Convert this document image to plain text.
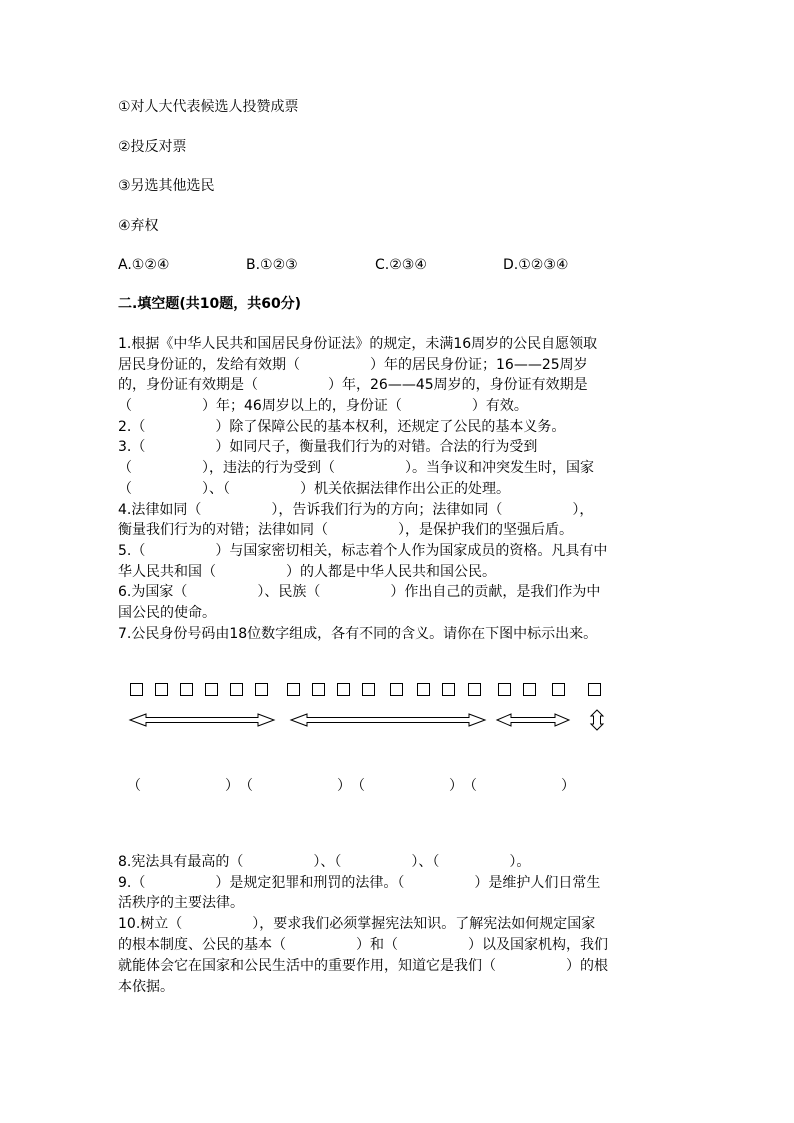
①对人大代表候选人投赞成票
②投反对票
③另选其他选民
④弃权
A.①②④	B.①②③	C.②③④	D.①②③④
二.填空题(共10题，共60分)
1.根据《中华人民共和国居民身份证法》的规定，未满16周岁的公民自愿领取
居民身份证的，发给有效期（　　　　　）年的居民身份证；16——25周岁
的，身份证有效期是（　　　　　）年，26——45周岁的，身份证有效期是
（　　　　　）年；46周岁以上的，身份证（　　　　　）有效。
2.（　　　　　）除了保障公民的基本权利，还规定了公民的基本义务。
3.（　　　　　）如同尺子，衡量我们行为的对错。合法的行为受到
（　　　　　），违法的行为受到（　　　　　）。当争议和冲突发生时，国家
（　　　　　）、（　　　　　）机关依据法律作出公正的处理。
4.法律如同（　　　　　），告诉我们行为的方向；法律如同（　　　　　），
衡量我们行为的对错；法律如同（　　　　　），是保护我们的坚强后盾。
5.（　　　　　）与国家密切相关，标志着个人作为国家成员的资格。凡具有中
华人民共和国（　　　　　）的人都是中华人民共和国公民。
6.为国家（　　　　　）、民族（　　　　　）作出自己的贡献，是我们作为中
国公民的使命。
7.公民身份号码由18位数字组成，各有不同的含义。请你在下图中标示出来。
（　　　　　　） （　　　　　　） （　　　　　　） （　　　　　　）
8.宪法具有最高的（　　　　　）、（　　　　　）、（　　　　　）。
9.（　　　　　）是规定犯罪和刑罚的法律。（　　　　　）是维护人们日常生
活秩序的主要法律。
10.树立（　　　　　），要求我们必须掌握宪法知识。了解宪法如何规定国家
的根本制度、公民的基本（　　　　　）和（　　　　　）以及国家机构，我们
就能体会它在国家和公民生活中的重要作用，知道它是我们（　　　　　）的根
本依据。
